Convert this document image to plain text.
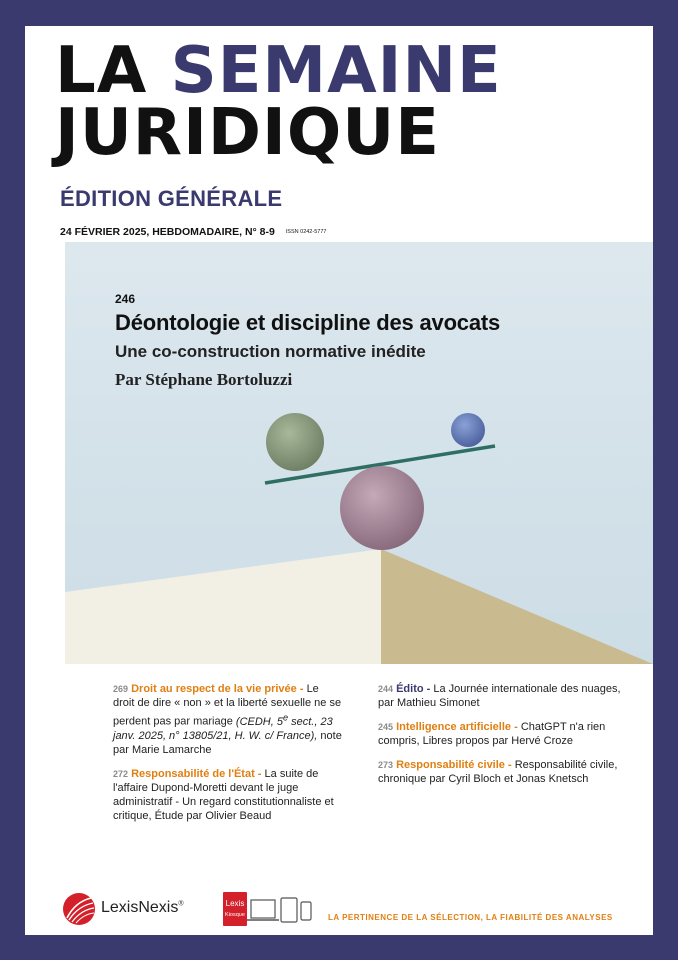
LA SEMAINE
JURIDIQUE
ÉDITION GÉNÉRALE
24 FÉVRIER 2025, HEBDOMADAIRE, N° 8-9 ISSN 0242-5777
246
Déontologie et discipline des avocats
Une co-construction normative inédite
Par Stéphane Bortoluzzi
269 Droit au respect de la vie privée - Le droit de dire « non » et la liberté sexuelle ne se perdent pas par mariage (CEDH, 5e sect., 23 janv. 2025, n° 13805/21, H. W. c/ France), note par Marie Lamarche
272 Responsabilité de l'État - La suite de l'affaire Dupond-Moretti devant le juge administratif - Un regard constitutionnaliste et critique, Étude par Olivier Beaud
244 Édito - La Journée internationale des nuages, par Mathieu Simonet
245 Intelligence artificielle - ChatGPT n'a rien compris, Libres propos par Hervé Croze
273 Responsabilité civile - Responsabilité civile, chronique par Cyril Bloch et Jonas Knetsch
LexisNexis®	Lexis
Kiosque	LA PERTINENCE DE LA SÉLECTION, LA FIABILITÉ DES ANALYSES
